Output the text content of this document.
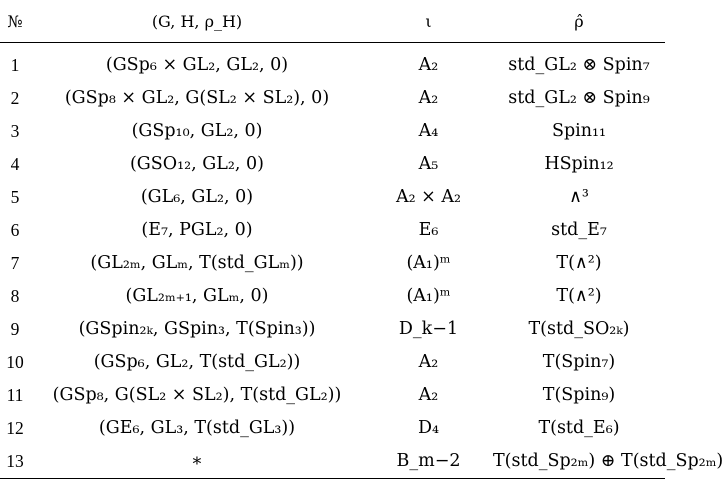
№	(G, H, ρ_H)	ι	ρ̂
1	(GSp₆ × GL₂, GL₂, 0)	A₂	std_GL₂ ⊗ Spin₇
2	(GSp₈ × GL₂, G(SL₂ × SL₂), 0)	A₂	std_GL₂ ⊗ Spin₉
3	(GSp₁₀, GL₂, 0)	A₄	Spin₁₁
4	(GSO₁₂, GL₂, 0)	A₅	HSpin₁₂
5	(GL₆, GL₂, 0)	A₂ × A₂	∧³
6	(E₇, PGL₂, 0)	E₆	std_E₇
7	(GL₂ₘ, GLₘ, T(std_GLₘ))	(A₁)ᵐ	T(∧²)
8	(GL₂ₘ₊₁, GLₘ, 0)	(A₁)ᵐ	T(∧²)
9	(GSpin₂ₖ, GSpin₃, T(Spin₃))	D_k−1	T(std_SO₂ₖ)
10	(GSp₆, GL₂, T(std_GL₂))	A₂	T(Spin₇)
11	(GSp₈, G(SL₂ × SL₂), T(std_GL₂))	A₂	T(Spin₉)
12	(GE₆, GL₃, T(std_GL₃))	D₄	T(std_E₆)
13	∗	B_m−2	T(std_Sp₂ₘ) ⊕ T(std_Sp₂ₘ)
